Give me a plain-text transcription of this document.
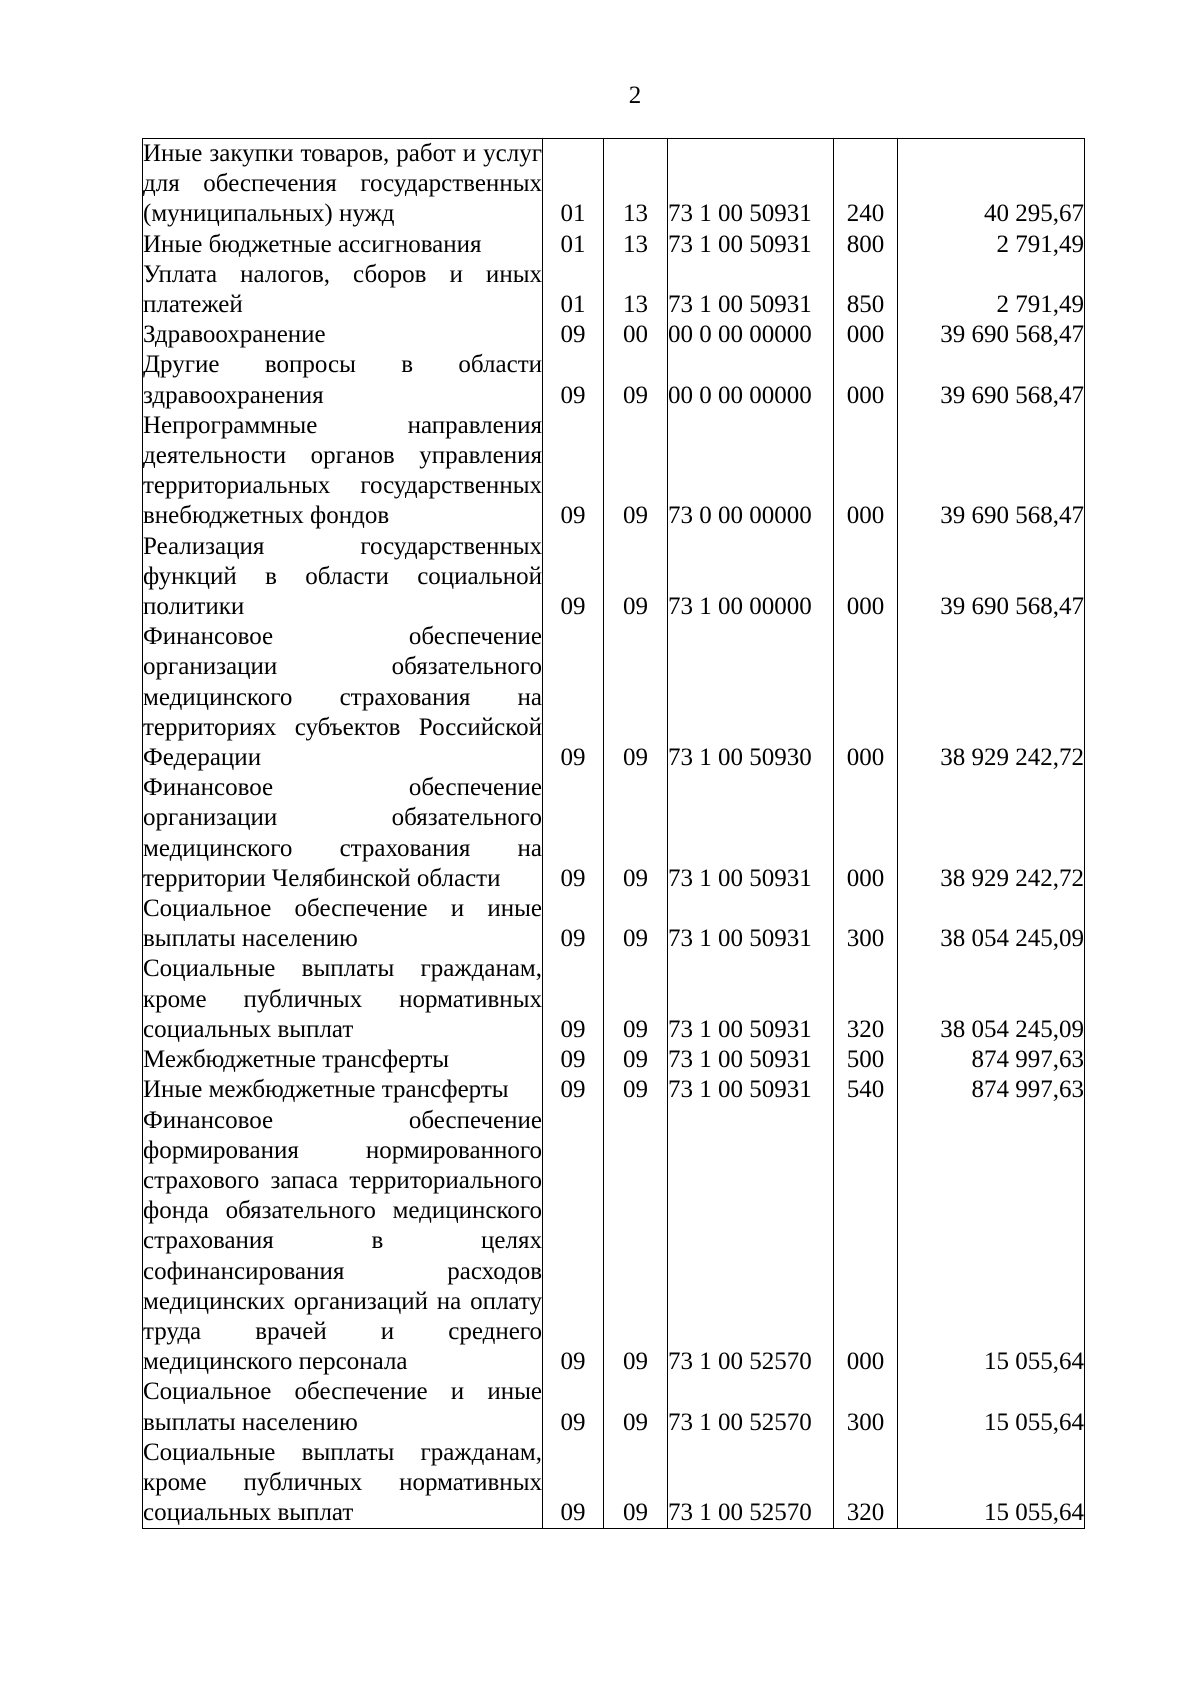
2
Иные закупки товаров, работ и услуг для обеспечения государственных (муниципальных) нужд	01	13	73 1 00 50931	240	40 295,67
Иные бюджетные ассигнования	01	13	73 1 00 50931	800	2 791,49
Уплата налогов, сборов и иных платежей	01	13	73 1 00 50931	850	2 791,49
Здравоохранение	09	00	00 0 00 00000	000	39 690 568,47
Другие вопросы в области здравоохранения	09	09	00 0 00 00000	000	39 690 568,47
Непрограммные направления деятельности органов управления территориальных государственных внебюджетных фондов	09	09	73 0 00 00000	000	39 690 568,47
Реализация государственных функций в области социальной политики	09	09	73 1 00 00000	000	39 690 568,47
Финансовое обеспечение организации обязательного медицинского страхования на территориях субъектов Российской Федерации	09	09	73 1 00 50930	000	38 929 242,72
Финансовое обеспечение организации обязательного медицинского страхования на территории Челябинской области	09	09	73 1 00 50931	000	38 929 242,72
Социальное обеспечение и иные выплаты населению	09	09	73 1 00 50931	300	38 054 245,09
Социальные выплаты гражданам, кроме публичных нормативных социальных выплат	09	09	73 1 00 50931	320	38 054 245,09
Межбюджетные трансферты	09	09	73 1 00 50931	500	874 997,63
Иные межбюджетные трансферты	09	09	73 1 00 50931	540	874 997,63
Финансовое обеспечение формирования нормированного страхового запаса территориального фонда обязательного медицинского страхования в целях софинансирования расходов медицинских организаций на оплату труда врачей и среднего медицинского персонала	09	09	73 1 00 52570	000	15 055,64
Социальное обеспечение и иные выплаты населению	09	09	73 1 00 52570	300	15 055,64
Социальные выплаты гражданам, кроме публичных нормативных социальных выплат	09	09	73 1 00 52570	320	15 055,64
